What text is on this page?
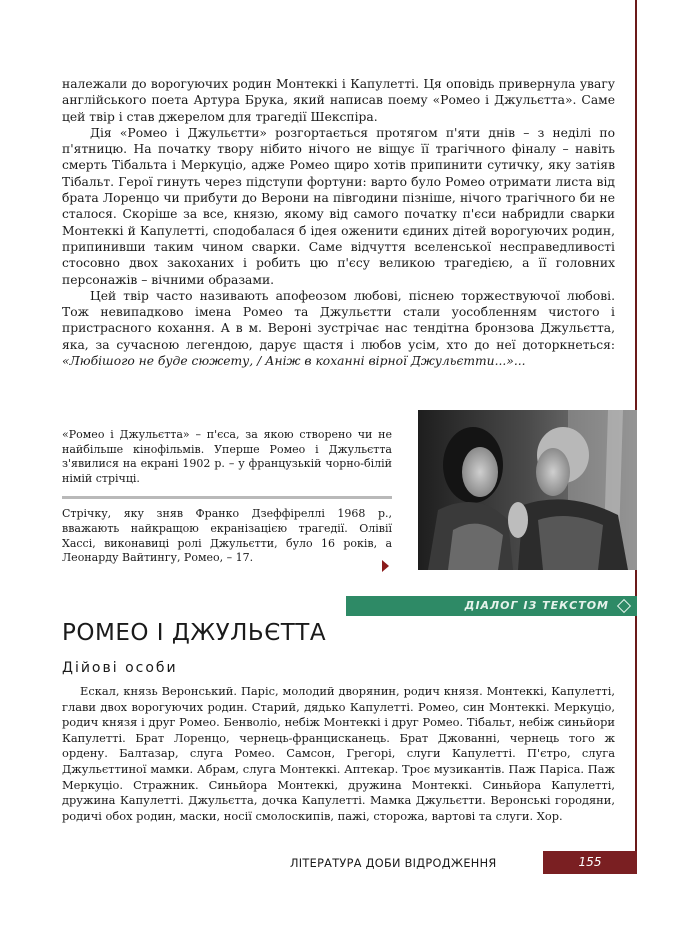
належали до ворогуючих родин Монтеккі і Капулетті. Ця оповідь привернула увагу англійського поета Артура Брука, який написав поему «Ромео і Джульєтта». Саме цей твір і став джерелом для трагедії Шекспіра.

Дія «Ромео і Джульєтти» розгортається протягом п'яти днів – з неділі по п'ятницю. На початку твору нібито нічого не віщує її трагічного фіналу – навіть смерть Тібальта і Меркуціо, адже Ромео щиро хотів припинити сутичку, яку затіяв Тібальт. Герої гинуть через підступи фортуни: варто було Ромео отримати листа від брата Лоренцо чи прибути до Верони на півгодини пізніше, нічого трагічного би не сталося. Скоріше за все, князю, якому від самого початку п'єси набридли сварки Монтеккі й Капулетті, сподобалася б ідея оженити єдиних дітей ворогуючих родин, припинивши таким чином сварки. Саме відчуття вселенської несправедливості стосовно двох закоханих і робить цю п'єсу великою трагедією, а її головних персонажів – вічними образами.

Цей твір часто називають апофеозом любові, піснею торжествуючої любові. Тож невипадково імена Ромео та Джульєтти стали уособленням чистого і пристрасного кохання. А в м. Вероні зустрічає нас тендітна бронзова Джульєтта, яка, за сучасною легендою, дарує щастя і любов усім, хто до неї доторкнеться: «Любішого не буде сюжету, / Аніж в коханні вірної Джульєтти...»...

«Ромео і Джульєтта» – п'єса, за якою створено чи не найбільше кінофільмів. Уперше Ромео і Джульєтта з'явилися на екрані 1902 р. – у французькій чорно-білій німій стрічці.

Стрічку, яку зняв Франко Дзеффіреллі 1968 р., вважають найкращою екранізацією трагедії. Олівії Хассі, виконавиці ролі Джульєтти, було 16 років, а Леонарду Вайтингу, Ромео, – 17.

ДІАЛОГ ІЗ ТЕКСТОМ
РОМЕО І ДЖУЛЬЄТТА
Дійові особи
Ескал, князь Веронський. Паріс, молодий дворянин, родич князя. Монтеккі, Капулетті, глави двох ворогуючих родин. Старий, дядько Капулетті. Ромео, син Монтеккі. Меркуціо, родич князя і друг Ромео. Бенволіо, небіж Монтеккі і друг Ромео. Тібальт, небіж синьйори Капулетті. Брат Лоренцо, чернець-францисканець. Брат Джованні, чернець того ж ордену. Балтазар, слуга Ромео. Самсон, Грегорі, слуги Капулетті. П'єтро, слуга Джульєттиної мамки. Абрам, слуга Монтеккі. Аптекар. Троє музикантів. Паж Паріса. Паж Меркуціо. Стражник. Синьйора Монтеккі, дружина Монтеккі. Синьйора Капулетті, дружина Капулетті. Джульєтта, дочка Капулетті. Мамка Джульєтти. Веронські городяни, родичі обох родин, маски, носії смолоскипів, пажі, сторожа, вартові та слуги. Хор.
ЛІТЕРАТУРА ДОБИ ВІДРОДЖЕННЯ	155
